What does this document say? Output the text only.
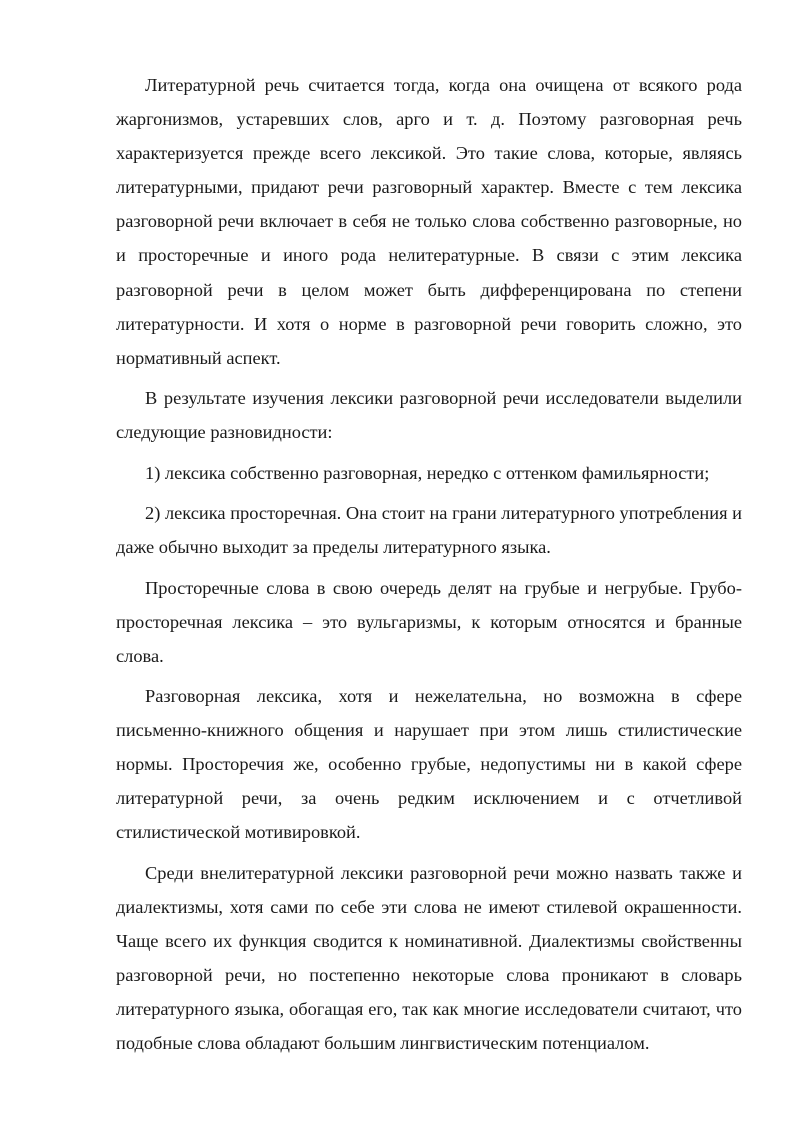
Литературной речь считается тогда, когда она очищена от всякого рода жаргонизмов, устаревших слов, арго и т. д. Поэтому разговорная речь характеризуется прежде всего лексикой. Это такие слова, которые, являясь литературными, придают речи разговорный характер. Вместе с тем лексика разговорной речи включает в себя не только слова собственно разговорные, но и просторечные и иного рода нелитературные. В связи с этим лексика разговорной речи в целом может быть дифференцирована по степени литературности. И хотя о норме в разговорной речи говорить сложно, это нормативный аспект.

В результате изучения лексики разговорной речи исследователи выделили следующие разновидности:

1) лексика собственно разговорная, нередко с оттенком фамильярности;

2) лексика просторечная. Она стоит на грани литературного употребления и даже обычно выходит за пределы литературного языка.

Просторечные слова в свою очередь делят на грубые и негрубые. Грубо-просторечная лексика – это вульгаризмы, к которым относятся и бранные слова.

Разговорная лексика, хотя и нежелательна, но возможна в сфере письменно-книжного общения и нарушает при этом лишь стилистические нормы. Просторечия же, особенно грубые, недопустимы ни в какой сфере литературной речи, за очень редким исключением и с отчетливой стилистической мотивировкой.

Среди внелитературной лексики разговорной речи можно назвать также и диалектизмы, хотя сами по себе эти слова не имеют стилевой окрашенности. Чаще всего их функция сводится к номинативной. Диалектизмы свойственны разговорной речи, но постепенно некоторые слова проникают в словарь литературного языка, обогащая его, так как многие исследователи считают, что подобные слова обладают большим лингвистическим потенциалом.
